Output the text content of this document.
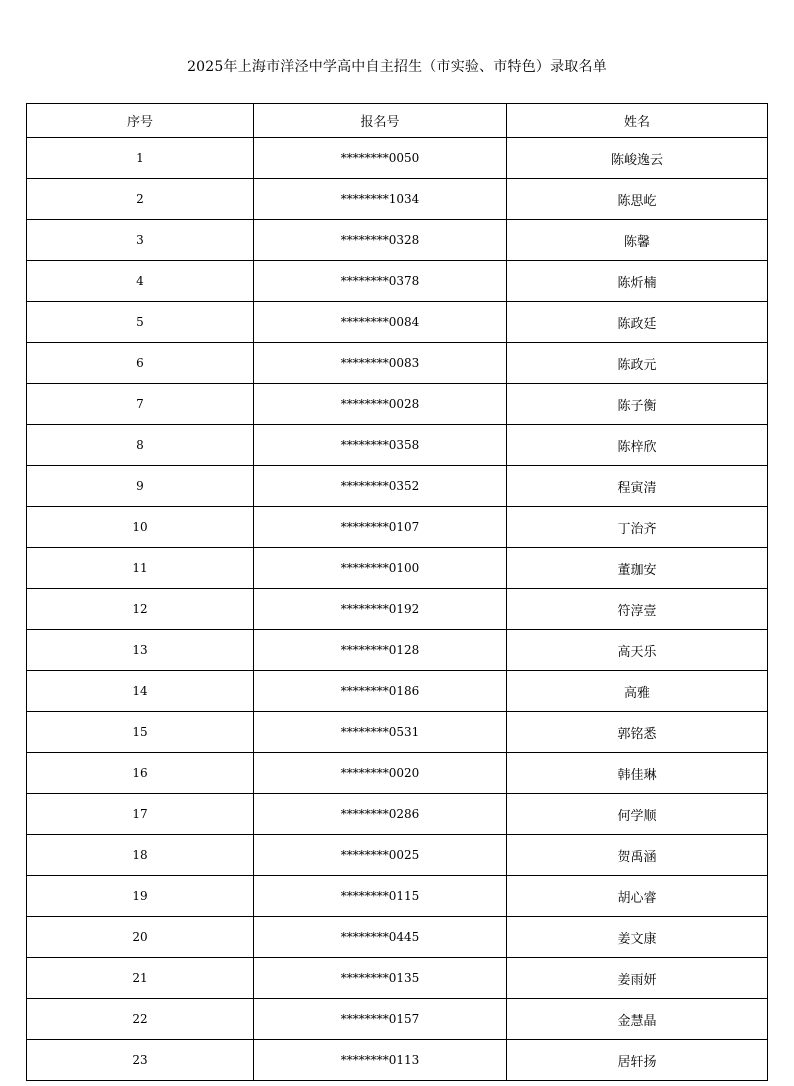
2025年上海市洋泾中学高中自主招生（市实验、市特色）录取名单
序号	报名号	姓名
1	********0050	陈峻逸云
2	********1034	陈思屹
3	********0328	陈馨
4	********0378	陈炘楠
5	********0084	陈政廷
6	********0083	陈政元
7	********0028	陈子衡
8	********0358	陈梓欣
9	********0352	程寅清
10	********0107	丁治齐
11	********0100	董珈安
12	********0192	符淳壹
13	********0128	高天乐
14	********0186	高雅
15	********0531	郭铭悉
16	********0020	韩佳琳
17	********0286	何学顺
18	********0025	贺禹涵
19	********0115	胡心睿
20	********0445	姜文康
21	********0135	姜雨妍
22	********0157	金慧晶
23	********0113	居轩扬
